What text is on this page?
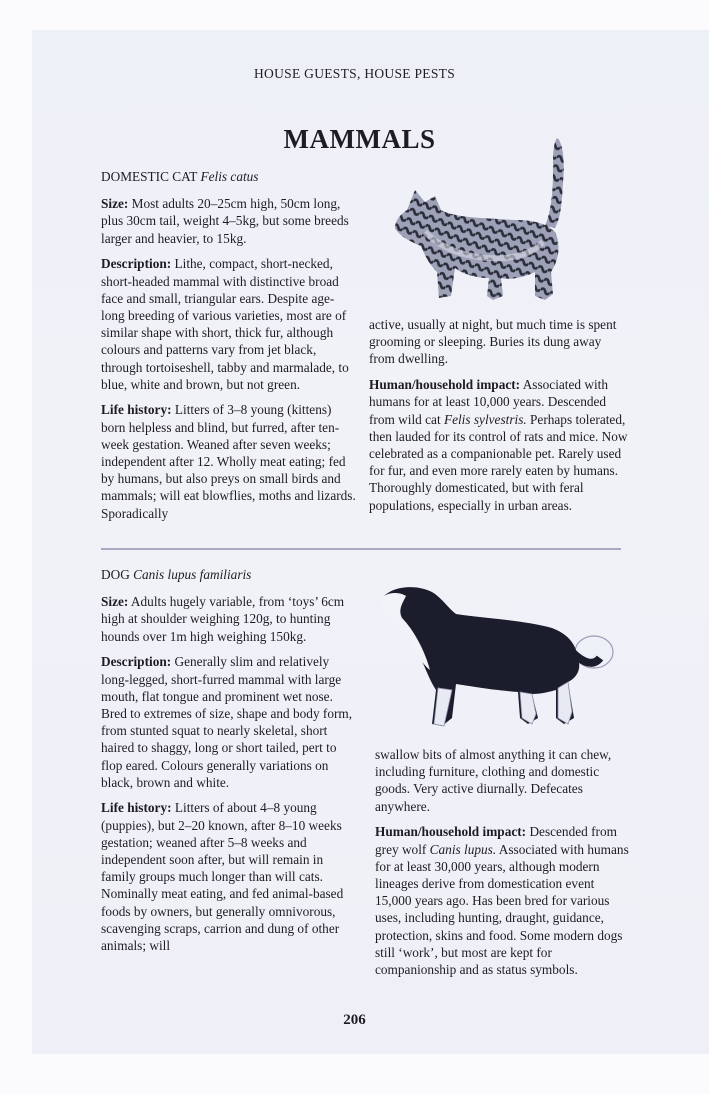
HOUSE GUESTS, HOUSE PESTS
MAMMALS

DOMESTIC CAT Felis catus

Size: Most adults 20–25cm high, 50cm long, plus 30cm tail, weight 4–5kg, but some breeds larger and heavier, to 15kg.

Description: Lithe, compact, short-necked, short-headed mammal with distinctive broad face and small, triangular ears. Despite age-long breeding of various varieties, most are of similar shape with short, thick fur, although colours and patterns vary from jet black, through tortoiseshell, tabby and marmalade, to blue, white and brown, but not green.

Life history: Litters of 3–8 young (kittens) born helpless and blind, but furred, after ten-week gestation. Weaned after seven weeks; independent after 12. Wholly meat eating; fed by humans, but also preys on small birds and mammals; will eat blowflies, moths and lizards. Sporadically

active, usually at night, but much time is spent grooming or sleeping. Buries its dung away from dwelling.

Human/household impact: Associated with humans for at least 10,000 years. Descended from wild cat Felis sylvestris. Perhaps tolerated, then lauded for its control of rats and mice. Now celebrated as a companionable pet. Rarely used for fur, and even more rarely eaten by humans. Thoroughly domesticated, but with feral populations, especially in urban areas.

DOG Canis lupus familiaris

Size: Adults hugely variable, from ‘toys’ 6cm high at shoulder weighing 120g, to hunting hounds over 1m high weighing 150kg.

Description: Generally slim and relatively long-legged, short-furred mammal with large mouth, flat tongue and prominent wet nose. Bred to extremes of size, shape and body form, from stunted squat to nearly skeletal, short haired to shaggy, long or short tailed, pert to flop eared. Colours generally variations on black, brown and white.

Life history: Litters of about 4–8 young (puppies), but 2–20 known, after 8–10 weeks gestation; weaned after 5–8 weeks and independent soon after, but will remain in family groups much longer than will cats. Nominally meat eating, and fed animal-based foods by owners, but generally omnivorous, scavenging scraps, carrion and dung of other animals; will

swallow bits of almost anything it can chew, including furniture, clothing and domestic goods. Very active diurnally. Defecates anywhere.

Human/household impact: Descended from grey wolf Canis lupus. Associated with humans for at least 30,000 years, although modern lineages derive from domestication event 15,000 years ago. Has been bred for various uses, including hunting, draught, guidance, protection, skins and food. Some modern dogs still ‘work’, but most are kept for companionship and as status symbols.

206
